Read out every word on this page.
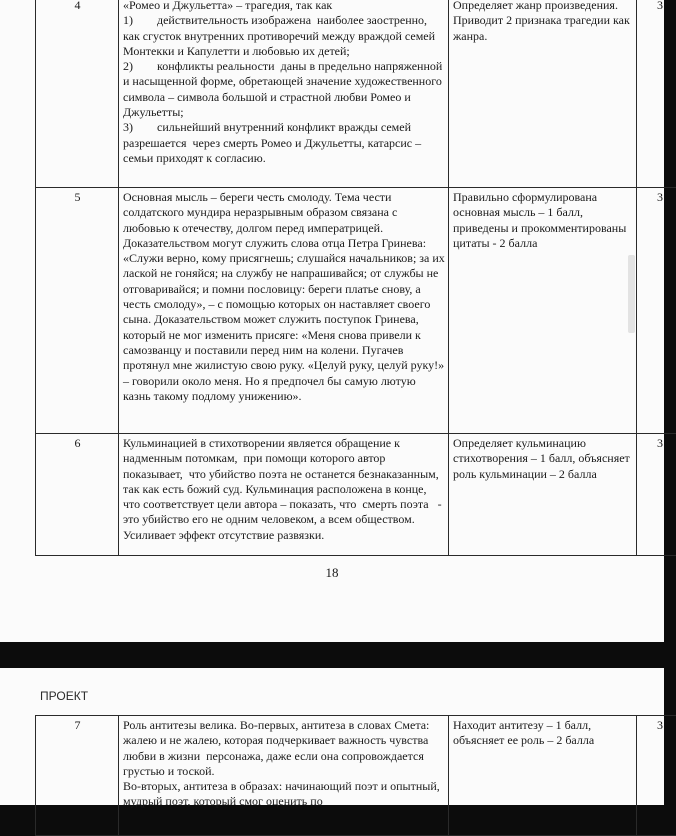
4	«Ромео и Джульетта» – трагедия, так как
1)        действительность изображена  наиболее заостренно, как сгусток внутренних противоречий между враждой семей Монтекки и Капулетти и любовью их детей;
2)        конфликты реальности  даны в предельно напряженной и насыщенной форме, обретающей значение художественного символа – символа большой и страстной любви Ромео и Джульетты;
3)        сильнейший внутренний конфликт вражды семей разрешается  через смерть Ромео и Джульетты, катарсис – семьи приходят к согласию.	Определяет жанр произведения. Приводит 2 признака трагедии как жанра.	3
5	Основная мысль – береги честь смолоду. Тема чести солдатского мундира неразрывным образом связана с любовью к отечеству, долгом перед императрицей. Доказательством могут служить слова отца Петра Гринева: «Служи верно, кому присягнешь; слушайся начальников; за их лаской не гоняйся; на службу не напрашивайся; от службы не отговаривайся; и помни пословицу: береги платье снову, а честь смолоду», – с помощью которых он наставляет своего сына. Доказательством может служить поступок Гринева, который не мог изменить присяге: «Меня снова привели к самозванцу и поставили перед ним на колени. Пугачев протянул мне жилистую свою руку. «Целуй руку, целуй руку!» – говорили около меня. Но я предпочел бы самую лютую казнь такому подлому унижению».	Правильно сформулирована основная мысль – 1 балл, приведены и прокомментированы цитаты - 2 балла	3
6	Кульминацией в стихотворении является обращение к надменным потомкам,  при помощи которого автор показывает,  что убийство поэта не останется безнаказанным, так как есть божий суд. Кульминация расположена в конце, что соответствует цели автора – показать, что  смерть поэта   - это убийство его не одним человеком, а всем обществом. Усиливает эффект отсутствие развязки.	Определяет кульминацию стихотворения – 1 балл, объясняет роль кульминации – 2 балла	3
18
ПРОЕКТ
7	Роль антитезы велика. Во-первых, антитеза в словах Смета: жалею и не жалею, которая подчеркивает важность чувства любви в жизни  персонажа, даже если она сопровождается  грустью и тоской.
Во-вторых, антитеза в образах: начинающий поэт и опытный, мудрый поэт, который смог оценить по
	Находит антитезу – 1 балл, объясняет ее роль – 2 балла	3
